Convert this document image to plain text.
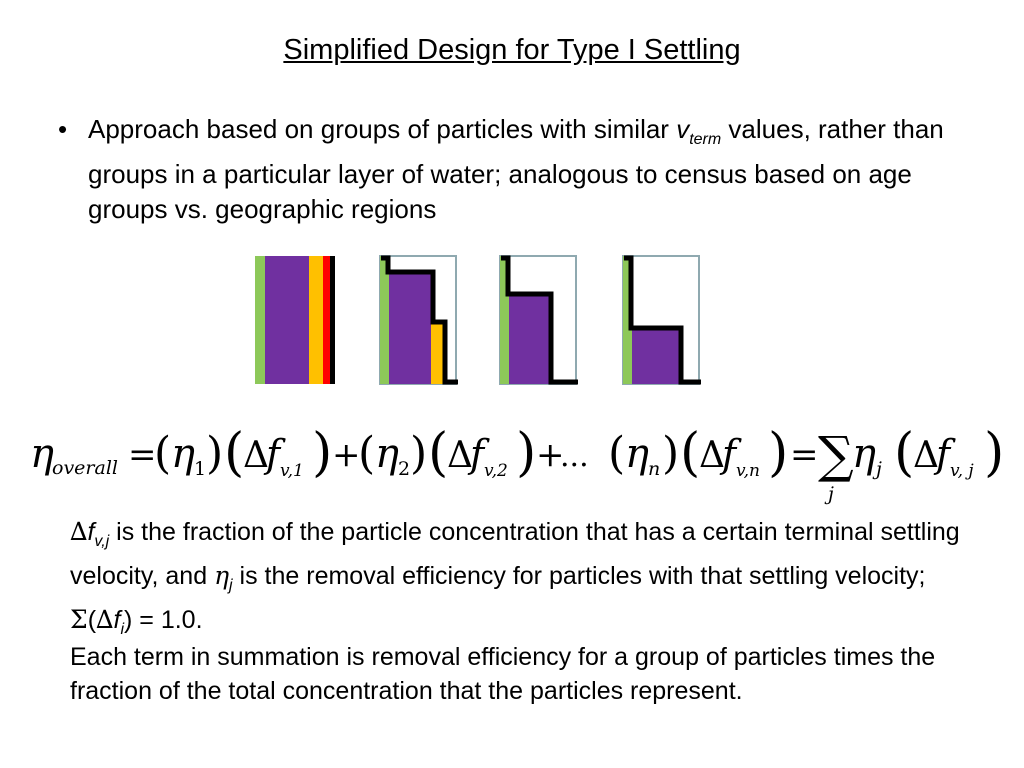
Simplified Design for Type I Settling
• Approach based on groups of particles with similar $v_{term}$ values, rather than groups in a particular layer of water; analogous to census based on age groups vs. geographic regions
η
overall =
( η 1 ) (
Δ
f v,1 ) +
( η 2 ) (
Δ
f v,2 ) +
... ( η n ) (
Δ
f v,n ) = ∑
j
η j (
Δ
f v, j )
$\Delta f_{v,j}$ is the fraction of the particle concentration that has a certain terminal settling velocity, and $\eta_j$ is the removal efficiency for particles with that settling velocity; $\Sigma(\Delta f_i) = 1.0$.
Each term in summation is removal efficiency for a group of particles times the fraction of the total concentration that the particles represent.
